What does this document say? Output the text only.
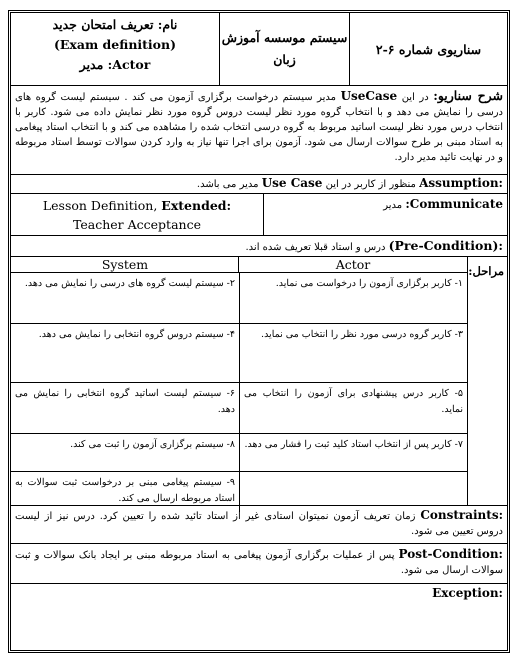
سناریوی شماره ۶-۲
سیستم موسسه آموزش زبان
نام: تعریف امتحان جدید
(Exam definition)
Actor: مدیر
شرح سناریو: در این UseCase مدیر سیستم درخواست برگزاری آزمون می کند . سیستم لیست گروه های درسی را نمایش می دهد و با انتخاب گروه مورد نظر لیست دروس گروه مورد نظر نمایش داده می شود. کاربر با انتخاب درس مورد نظر لیست اساتید مربوط به گروه درسی انتخاب شده را مشاهده می کند و با انتخاب استاد پیغامی به استاد مبنی بر طرح سوالات ارسال می شود. آزمون برای اجرا تنها نیاز به وارد کردن سوالات توسط استاد مربوطه و در نهایت تائید مدیر دارد.
Assumption: منظور از کاربر در این Use Case مدیر می باشد.
Communicate: مدیر
Lesson Definition, Extended:
Teacher Acceptance
(Pre-Condition): درس و استاد قبلا تعریف شده اند.
مراحل:
Actor
System
۱- کاربر برگزاری آزمون را درخواست می نماید.
۲- سیستم لیست گروه های درسی را نمایش می دهد.
۳- کاربر گروه درسی مورد نظر را انتخاب می نماید.
۴- سیستم دروس گروه انتخابی را نمایش می دهد.
۵- کاربر درس پیشنهادی برای آزمون را انتخاب می نماید.
۶- سیستم لیست اساتید گروه انتخابی را نمایش می دهد.
۷- کاربر پس از انتخاب استاد کلید ثبت را فشار می دهد.
۸- سیستم برگزاری آزمون را ثبت می کند.
۹- سیستم پیغامی مبنی بر درخواست ثبت سوالات به استاد مربوطه ارسال می کند.
Constraints: زمان تعریف آزمون نمیتوان استادی غیر از استاد تائید شده را تعیین کرد. درس نیز از لیست دروس تعیین می شود.
Post-Condition: پس از عملیات برگزاری آزمون پیغامی به استاد مربوطه مبنی بر ایجاد بانک سوالات و ثبت سوالات ارسال می شود.
Exception:
